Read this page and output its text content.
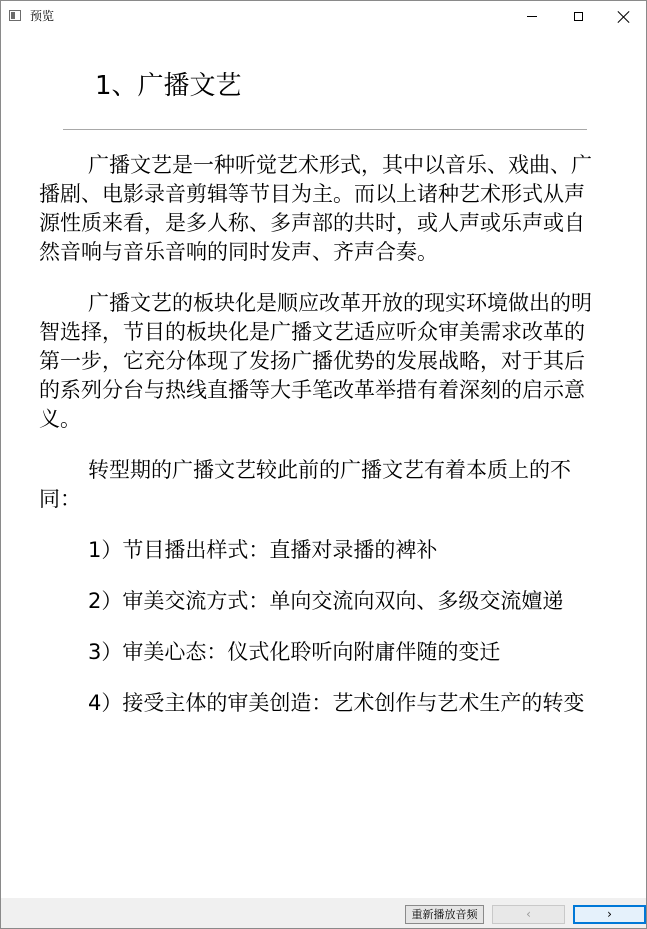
预览
1、广播文艺

广播文艺是一种听觉艺术形式，其中以音乐、戏曲、广播剧、电影录音剪辑等节目为主。而以上诸种艺术形式从声源性质来看，是多人称、多声部的共时，或人声或乐声或自然音响与音乐音响的同时发声、齐声合奏。

广播文艺的板块化是顺应改革开放的现实环境做出的明智选择，节目的板块化是广播文艺适应听众审美需求改革的第一步，它充分体现了发扬广播优势的发展战略，对于其后的系列分台与热线直播等大手笔改革举措有着深刻的启示意义。

转型期的广播文艺较此前的广播文艺有着本质上的不同：

1）节目播出样式：直播对录播的裨补

2）审美交流方式：单向交流向双向、多级交流嬗递

3）审美心态：仪式化聆听向附庸伴随的变迁

4）接受主体的审美创造：艺术创作与艺术生产的转变

重新播放音频	‹	›
